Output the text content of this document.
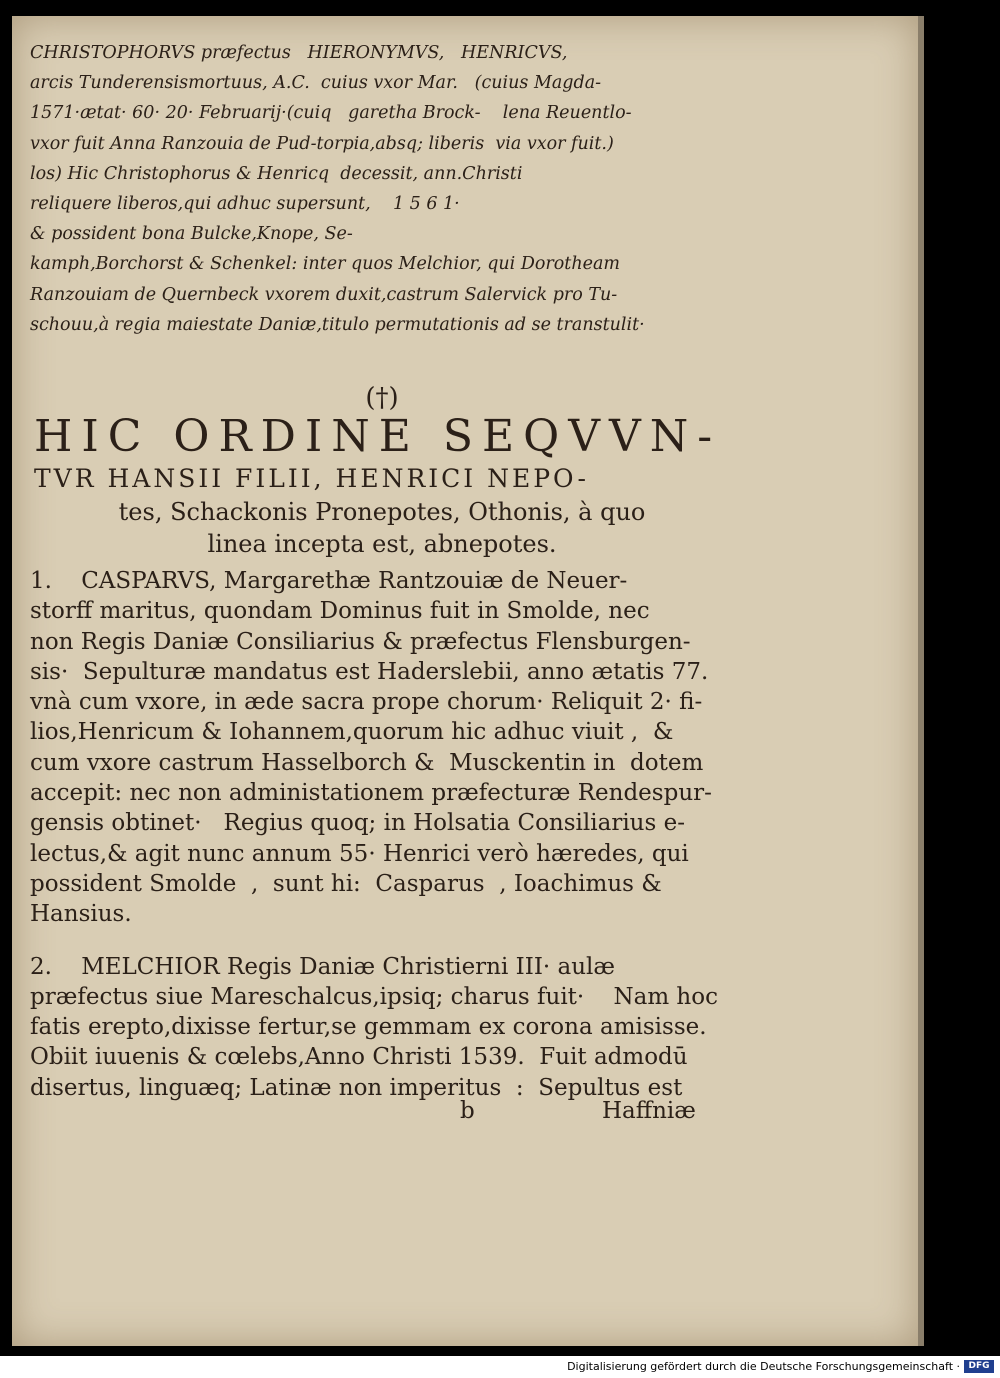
CHRISTOPHORVS præfectus   HIERONYMVS,   HENRICVS,
arcis Tunderensismortuus, A.C.  cuius vxor Mar.   (cuius Magda-
1571·ætat· 60· 20· Februarij·(cuiq   garetha Brock-    lena Reuentlo-
vxor fuit Anna Ranzouia de Pud-torpia,absq; liberis  via vxor fuit.)
los) Hic Christophorus & Henricq  decessit, ann.Christi
reliquere liberos,qui adhuc supersunt,    1 5 6 1·
& possident bona Bulcke,Knope, Se-
kamph,Borchorst & Schenkel: inter quos Melchior, qui Dorotheam
Ranzouiam de Quernbeck vxorem duxit,castrum Salervick pro Tu-
schouu,à regia maiestate Daniæ,titulo permutationis ad se transtulit·
(†)
HIC ORDINE SEQVVN-
TVR HANSII FILII, HENRICI NEPO-
tes, Schackonis Pronepotes, Othonis, à quo
linea incepta est, abnepotes.
1.    CASPARVS, Margarethæ Rantzouiæ de Neuer-
storff maritus, quondam Dominus fuit in Smolde, nec
non Regis Daniæ Consiliarius & præfectus Flensburgen-
sis·  Sepulturæ mandatus est Haderslebii, anno ætatis 77.
vnà cum vxore, in æde sacra prope chorum· Reliquit 2· fi-
lios,Henricum & Iohannem,quorum hic adhuc viuit ,  &
cum vxore castrum Hasselborch &  Musckentin in  dotem
accepit: nec non administationem præfecturæ Rendespur-
gensis obtinet·   Regius quoq; in Holsatia Consiliarius e-
lectus,& agit nunc annum 55· Henrici verò hæredes, qui
possident Smolde  ,  sunt hi:  Casparus  , Ioachimus &
Hansius.
2.    MELCHIOR Regis Daniæ Christierni III· aulæ
præfectus siue Mareschalcus,ipsiq; charus fuit·    Nam hoc
fatis erepto,dixisse fertur,se gemmam ex corona amisisse.
Obiit iuuenis & cœlebs,Anno Christi 1539.  Fuit admodū
disertus, linguæq; Latinæ non imperitus  :  Sepultus est
b	Haffniæ
Digitalisierung gefördert durch die Deutsche Forschungsgemeinschaft · DFG
